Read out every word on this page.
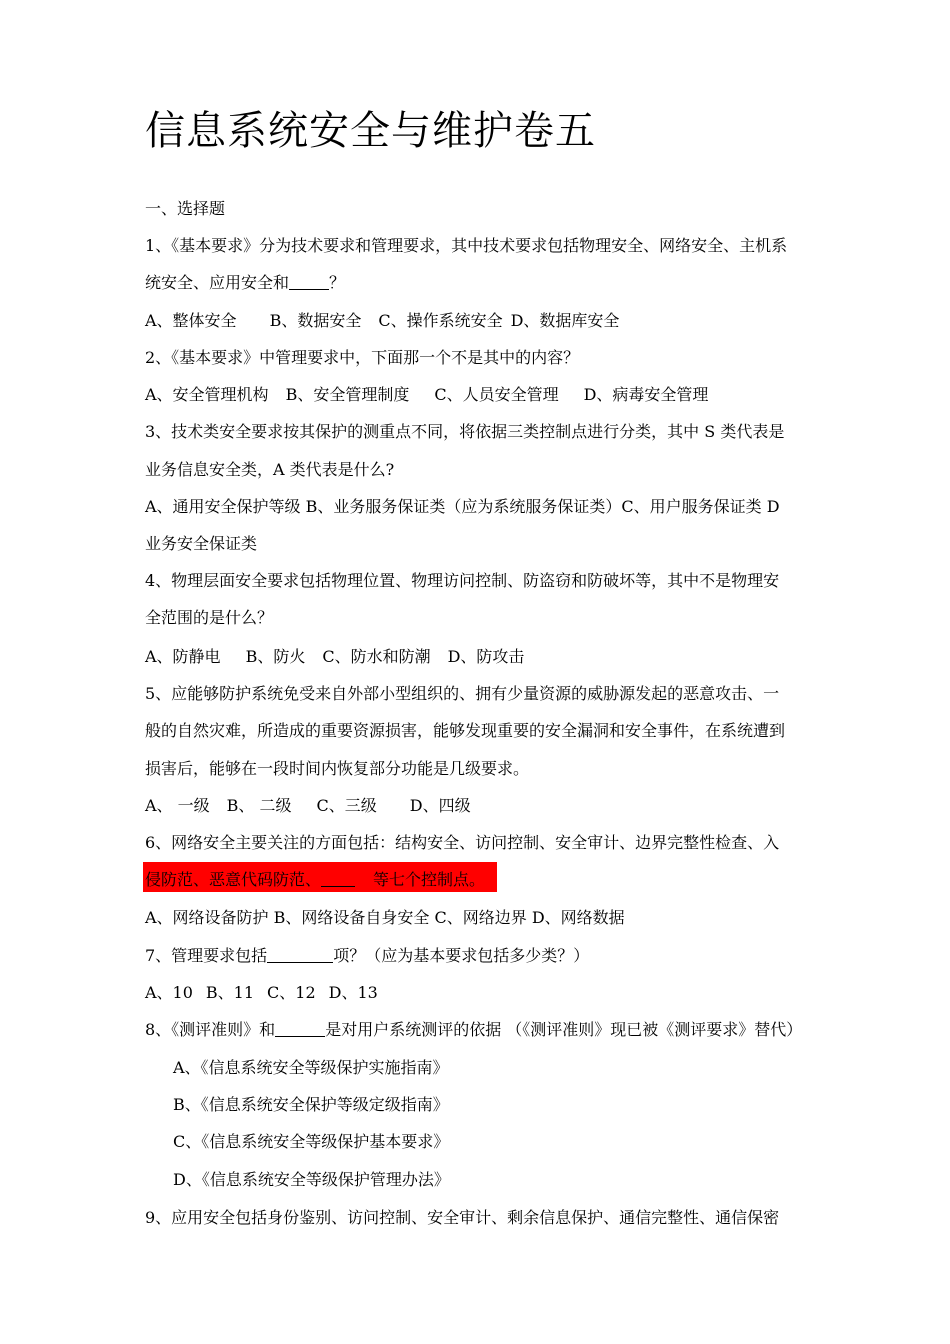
信息系统安全与维护卷五
一、选择题
1、《基本要求》分为技术要求和管理要求，其中技术要求包括物理安全、网络安全、主机系
统安全、应用安全和	？
A、整体安全 B、数据安全 C、操作系统安全 D、数据库安全
2、《基本要求》中管理要求中，下面那一个不是其中的内容？
A、安全管理机构 B、安全管理制度 C、人员安全管理 D、病毒安全管理
3、技术类安全要求按其保护的测重点不同，将依据三类控制点进行分类，其中 S 类代表是
业务信息安全类，A 类代表是什么?
A、通用安全保护等级 B、业务服务保证类（应为系统服务保证类）C、用户服务保证类 D
业务安全保证类
4、物理层面安全要求包括物理位置、物理访问控制、防盗窃和防破坏等，其中不是物理安
全范围的是什么？
A、防静电 B、防火 C、防水和防潮 D、防攻击
5、应能够防护系统免受来自外部小型组织的、拥有少量资源的威胁源发起的恶意攻击、一
般的自然灾难，所造成的重要资源损害，能够发现重要的安全漏洞和安全事件，在系统遭到
损害后，能够在一段时间内恢复部分功能是几级要求。
A、 一级 B、 二级 C、三级 D、四级
6、网络安全主要关注的方面包括：结构安全、访问控制、安全审计、边界完整性检查、入
侵防范、恶意代码防范、	等七个控制点。
A、网络设备防护 B、网络设备自身安全 C、网络边界 D、网络数据
7、管理要求包括	项？（应为基本要求包括多少类？）
A、10 B、11 C、12 D、13
8、《测评准则》和	是对用户系统测评的依据 （《测评准则》现已被《测评要求》替代）
A、《信息系统安全等级保护实施指南》
B、《信息系统安全保护等级定级指南》
C、《信息系统安全等级保护基本要求》
D、《信息系统安全等级保护管理办法》
9、应用安全包括身份鉴别、访问控制、安全审计、剩余信息保护、通信完整性、通信保密
